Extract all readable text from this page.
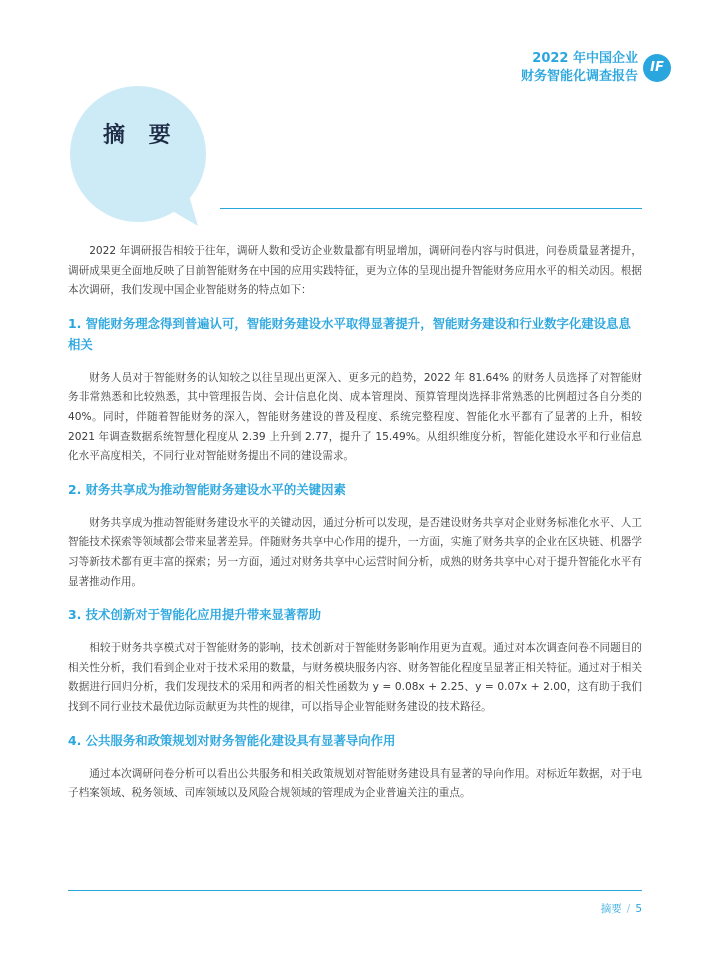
2022 年中国企业
财务智能化调查报告
IF
摘 要

2022 年调研报告相较于往年，调研人数和受访企业数量都有明显增加，调研问卷内容与时俱进，问卷质量显著提升，调研成果更全面地反映了目前智能财务在中国的应用实践特征，更为立体的呈现出提升智能财务应用水平的相关动因。根据本次调研，我们发现中国企业智能财务的特点如下：

1. 智能财务理念得到普遍认可，智能财务建设水平取得显著提升，智能财务建设和行业数字化建设息息相关

财务人员对于智能财务的认知较之以往呈现出更深入、更多元的趋势，2022 年 81.64% 的财务人员选择了对智能财务非常熟悉和比较熟悉，其中管理报告岗、会计信息化岗、成本管理岗、预算管理岗选择非常熟悉的比例超过各自分类的 40%。同时，伴随着智能财务的深入，智能财务建设的普及程度、系统完整程度、智能化水平都有了显著的上升，相较 2021 年调查数据系统智慧化程度从 2.39 上升到 2.77，提升了 15.49%。从组织维度分析，智能化建设水平和行业信息化水平高度相关，不同行业对智能财务提出不同的建设需求。

2. 财务共享成为推动智能财务建设水平的关键因素

财务共享成为推动智能财务建设水平的关键动因，通过分析可以发现，是否建设财务共享对企业财务标准化水平、人工智能技术探索等领域都会带来显著差异。伴随财务共享中心作用的提升，一方面，实施了财务共享的企业在区块链、机器学习等新技术都有更丰富的探索；另一方面，通过对财务共享中心运营时间分析，成熟的财务共享中心对于提升智能化水平有显著推动作用。

3. 技术创新对于智能化应用提升带来显著帮助

相较于财务共享模式对于智能财务的影响，技术创新对于智能财务影响作用更为直观。通过对本次调查问卷不同题目的相关性分析，我们看到企业对于技术采用的数量，与财务模块服务内容、财务智能化程度呈显著正相关特征。通过对于相关数据进行回归分析，我们发现技术的采用和两者的相关性函数为 y = 0.08x + 2.25、y = 0.07x + 2.00，这有助于我们找到不同行业技术最优边际贡献更为共性的规律，可以指导企业智能财务建设的技术路径。

4. 公共服务和政策规划对财务智能化建设具有显著导向作用

通过本次调研问卷分析可以看出公共服务和相关政策规划对智能财务建设具有显著的导向作用。对标近年数据，对于电子档案领域、税务领域、司库领域以及风险合规领域的管理成为企业普遍关注的重点。

摘要 / 5
